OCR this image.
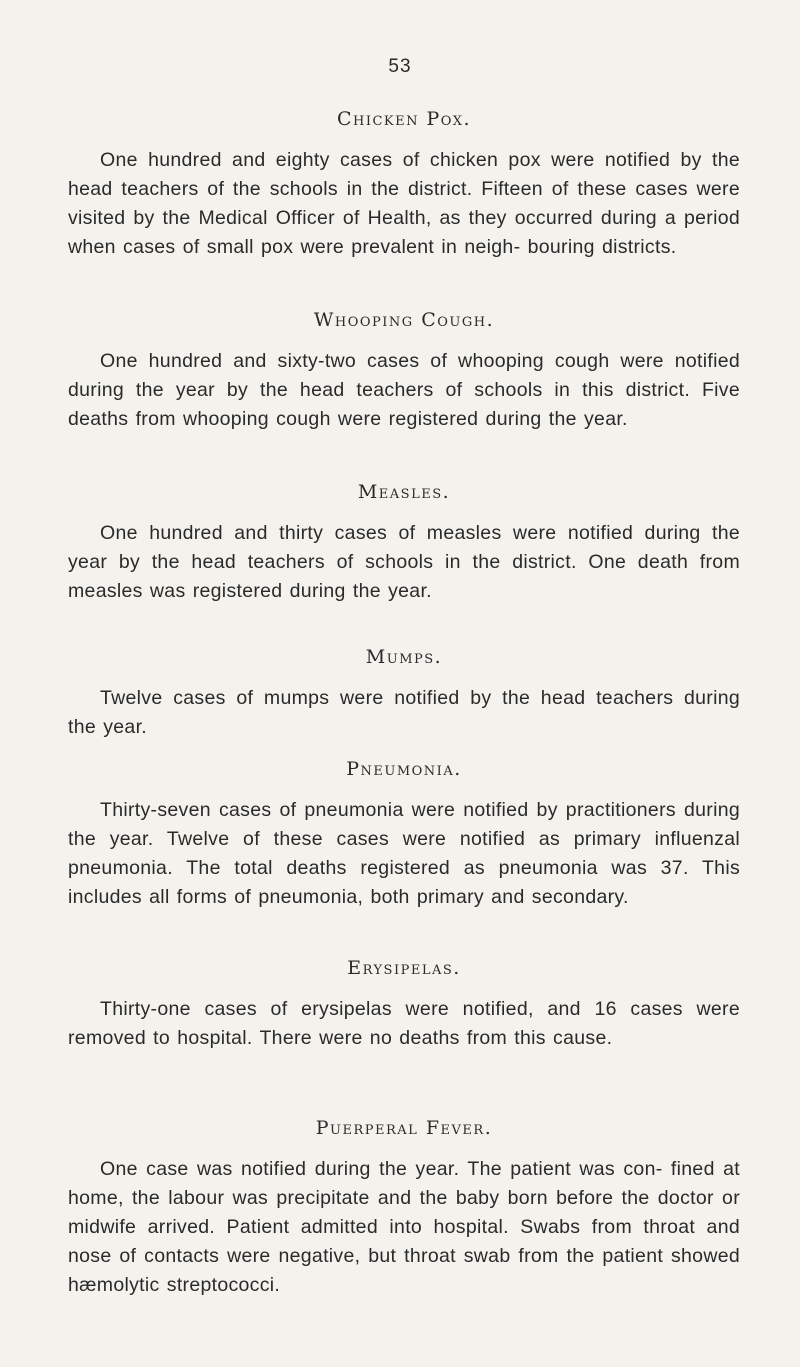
53
Chicken Pox.

One hundred and eighty cases of chicken pox were notified by the head teachers of the schools in the district. Fifteen of these cases were visited by the Medical Officer of Health, as they occurred during a period when cases of small pox were prevalent in neigh- bouring districts.

Whooping Cough.

One hundred and sixty-two cases of whooping cough were notified during the year by the head teachers of schools in this district. Five deaths from whooping cough were registered during the year.

Measles.

One hundred and thirty cases of measles were notified during the year by the head teachers of schools in the district. One death from measles was registered during the year.

Mumps.

Twelve cases of mumps were notified by the head teachers during the year.

Pneumonia.

Thirty-seven cases of pneumonia were notified by practitioners during the year. Twelve of these cases were notified as primary influenzal pneumonia. The total deaths registered as pneumonia was 37. This includes all forms of pneumonia, both primary and secondary.

Erysipelas.

Thirty-one cases of erysipelas were notified, and 16 cases were removed to hospital. There were no deaths from this cause.

Puerperal Fever.

One case was notified during the year. The patient was con- fined at home, the labour was precipitate and the baby born before the doctor or midwife arrived. Patient admitted into hospital. Swabs from throat and nose of contacts were negative, but throat swab from the patient showed hæmolytic streptococci.
